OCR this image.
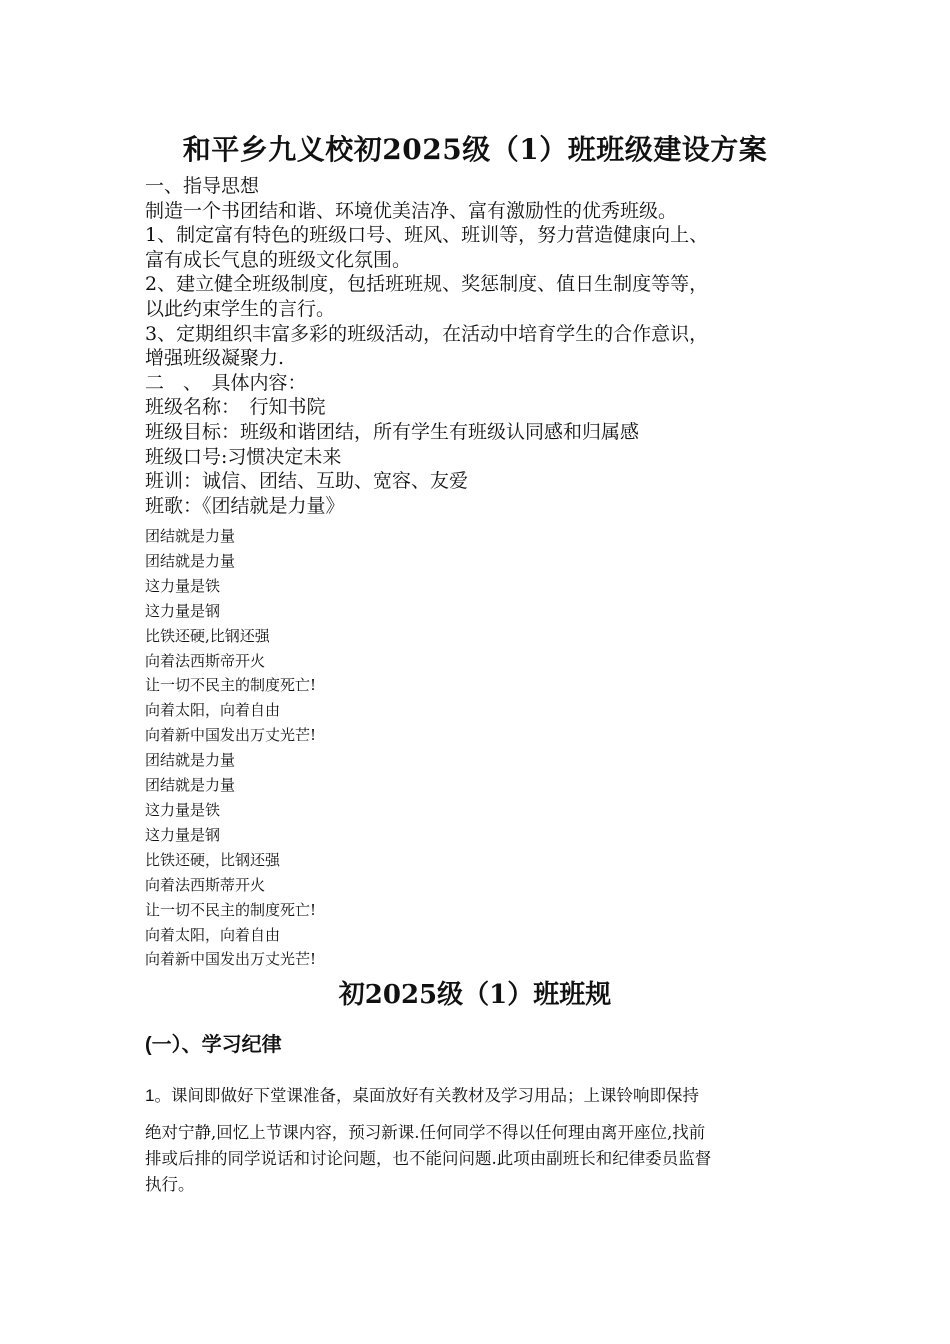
和平乡九义校初2025级（1）班班级建设方案

一、指导思想

制造一个书团结和谐、环境优美洁净、富有激励性的优秀班级。

1、制定富有特色的班级口号、班风、班训等，努力营造健康向上、

富有成长气息的班级文化氛围。

2、建立健全班级制度，包括班班规、奖惩制度、值日生制度等等，

以此约束学生的言行。

3、定期组织丰富多彩的班级活动，在活动中培育学生的合作意识，

增强班级凝聚力.

二　、　具体内容：

班级名称：　行知书院

班级目标：班级和谐团结，所有学生有班级认同感和归属感

班级口号:习惯决定未来

班训：诚信、团结、互助、宽容、友爱

班歌：《团结就是力量》

团结就是力量

团结就是力量

这力量是铁

这力量是钢

比铁还硬,比钢还强

向着法西斯帝开火

让一切不民主的制度死亡!

向着太阳，向着自由

向着新中国发出万丈光芒!

团结就是力量

团结就是力量

这力量是铁

这力量是钢

比铁还硬，比钢还强

向着法西斯蒂开火

让一切不民主的制度死亡!

向着太阳，向着自由

向着新中国发出万丈光芒!

初2025级（1）班班规
(一）、学习纪律

1。课间即做好下堂课准备，桌面放好有关教材及学习用品；上课铃响即保持

绝对宁静,回忆上节课内容，预习新课.任何同学不得以任何理由离开座位,找前
排或后排的同学说话和讨论问题，也不能问问题.此项由副班长和纪律委员监督
执行。
